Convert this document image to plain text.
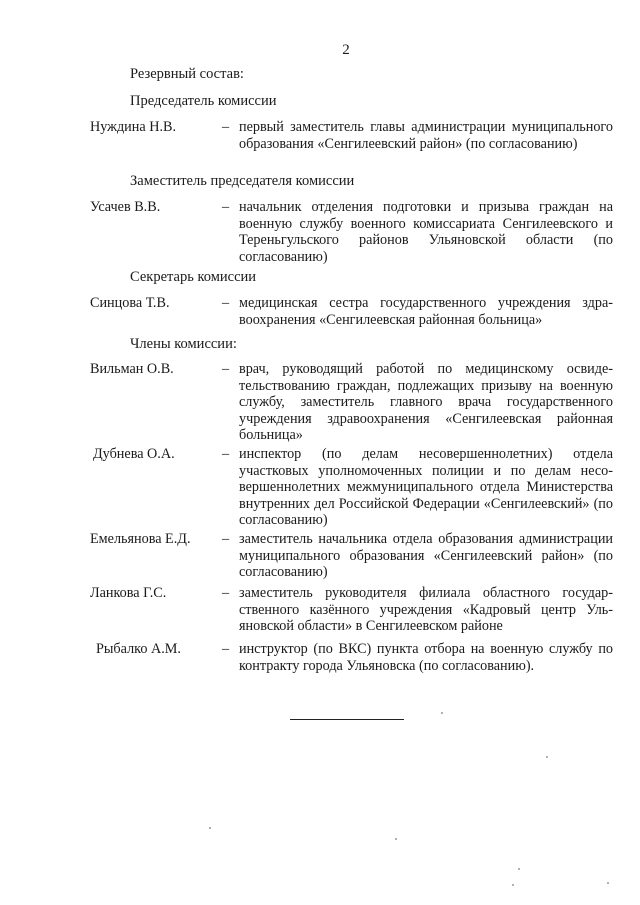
2
Резервный состав:
Председатель комиссии
Нуждина Н.В.	– первый заместитель главы администрации муниципального образования «Сенгилеевский район» (по согласованию)
Заместитель председателя комиссии
Усачев В.В.	– начальник отделения подготовки и призыва граждан на военную службу военного комиссариата Сенгилеевского и Тереньгульского районов Ульяновской области (по согласованию)
Секретарь комиссии
Синцова Т.В.	– медицинская сестра государственного учреждения здравоохранения «Сенгилеевская районная больница»
Члены комиссии:
Вильман О.В.	– врач, руководящий работой по медицинскому освидетельствованию граждан, подлежащих призыву на военную службу, заместитель главного врача государственного учреждения здравоохранения «Сенгилеевская районная больница»
Дубнева О.А.	– инспектор (по делам несовершеннолетних) отдела участковых уполномоченных полиции и по делам несовершеннолетних межмуниципального отдела Министерства внутренних дел Российской Федерации «Сенгилеевский» (по согласованию)
Емельянова Е.Д. – заместитель начальника отдела образования администрации муниципального образования «Сенгилеевский район» (по согласованию)
Ланкова Г.С.	– заместитель руководителя филиала областного государственного казённого учреждения «Кадровый центр Ульяновской области» в Сенгилеевском районе
Рыбалко А.М.	– инструктор (по ВКС) пункта отбора на военную службу по контракту города Ульяновска (по согласованию).
